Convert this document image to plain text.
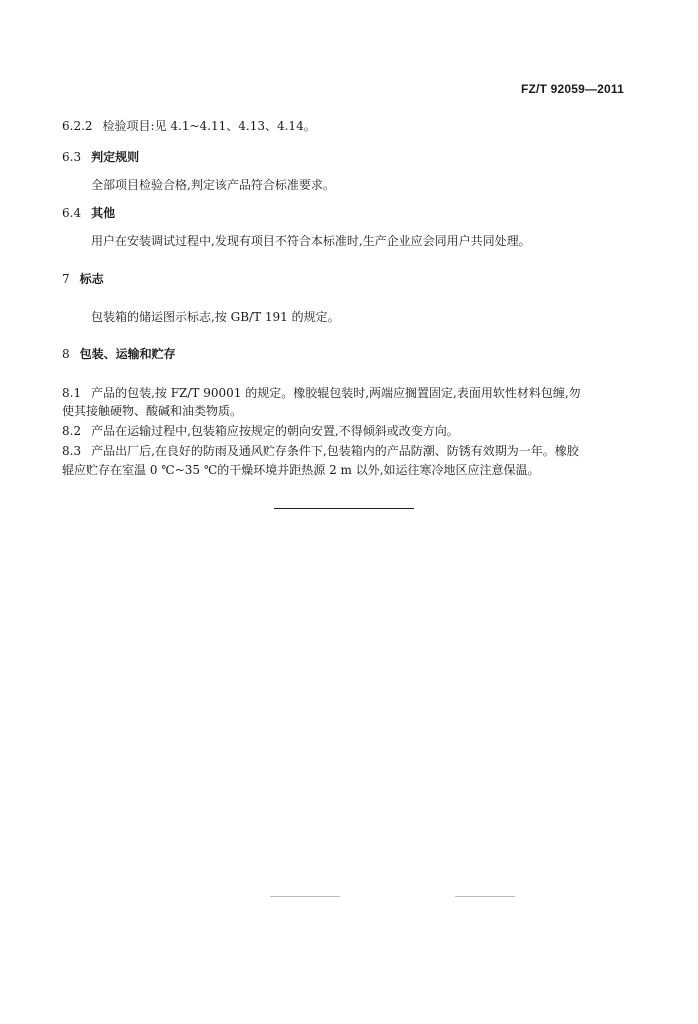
FZ/T 92059—2011
6.2.2 检验项目:见 4.1~4.11、4.13、4.14。
6.3 判定规则
全部项目检验合格,判定该产品符合标准要求。
6.4 其他
用户在安装调试过程中,发现有项目不符合本标准时,生产企业应会同用户共同处理。
7 标志
包装箱的储运图示标志,按 GB/T 191 的规定。
8 包装、运输和贮存
8.1 产品的包装,按 FZ/T 90001 的规定。橡胶辊包装时,两端应搁置固定,表面用软性材料包缠,勿
使其接触硬物、酸碱和油类物质。
8.2 产品在运输过程中,包装箱应按规定的朝向安置,不得倾斜或改变方向。
8.3 产品出厂后,在良好的防雨及通风贮存条件下,包装箱内的产品防潮、防锈有效期为一年。橡胶
辊应贮存在室温 0 ℃~35 ℃的干燥环境并距热源 2 m 以外,如运往寒冷地区应注意保温。
